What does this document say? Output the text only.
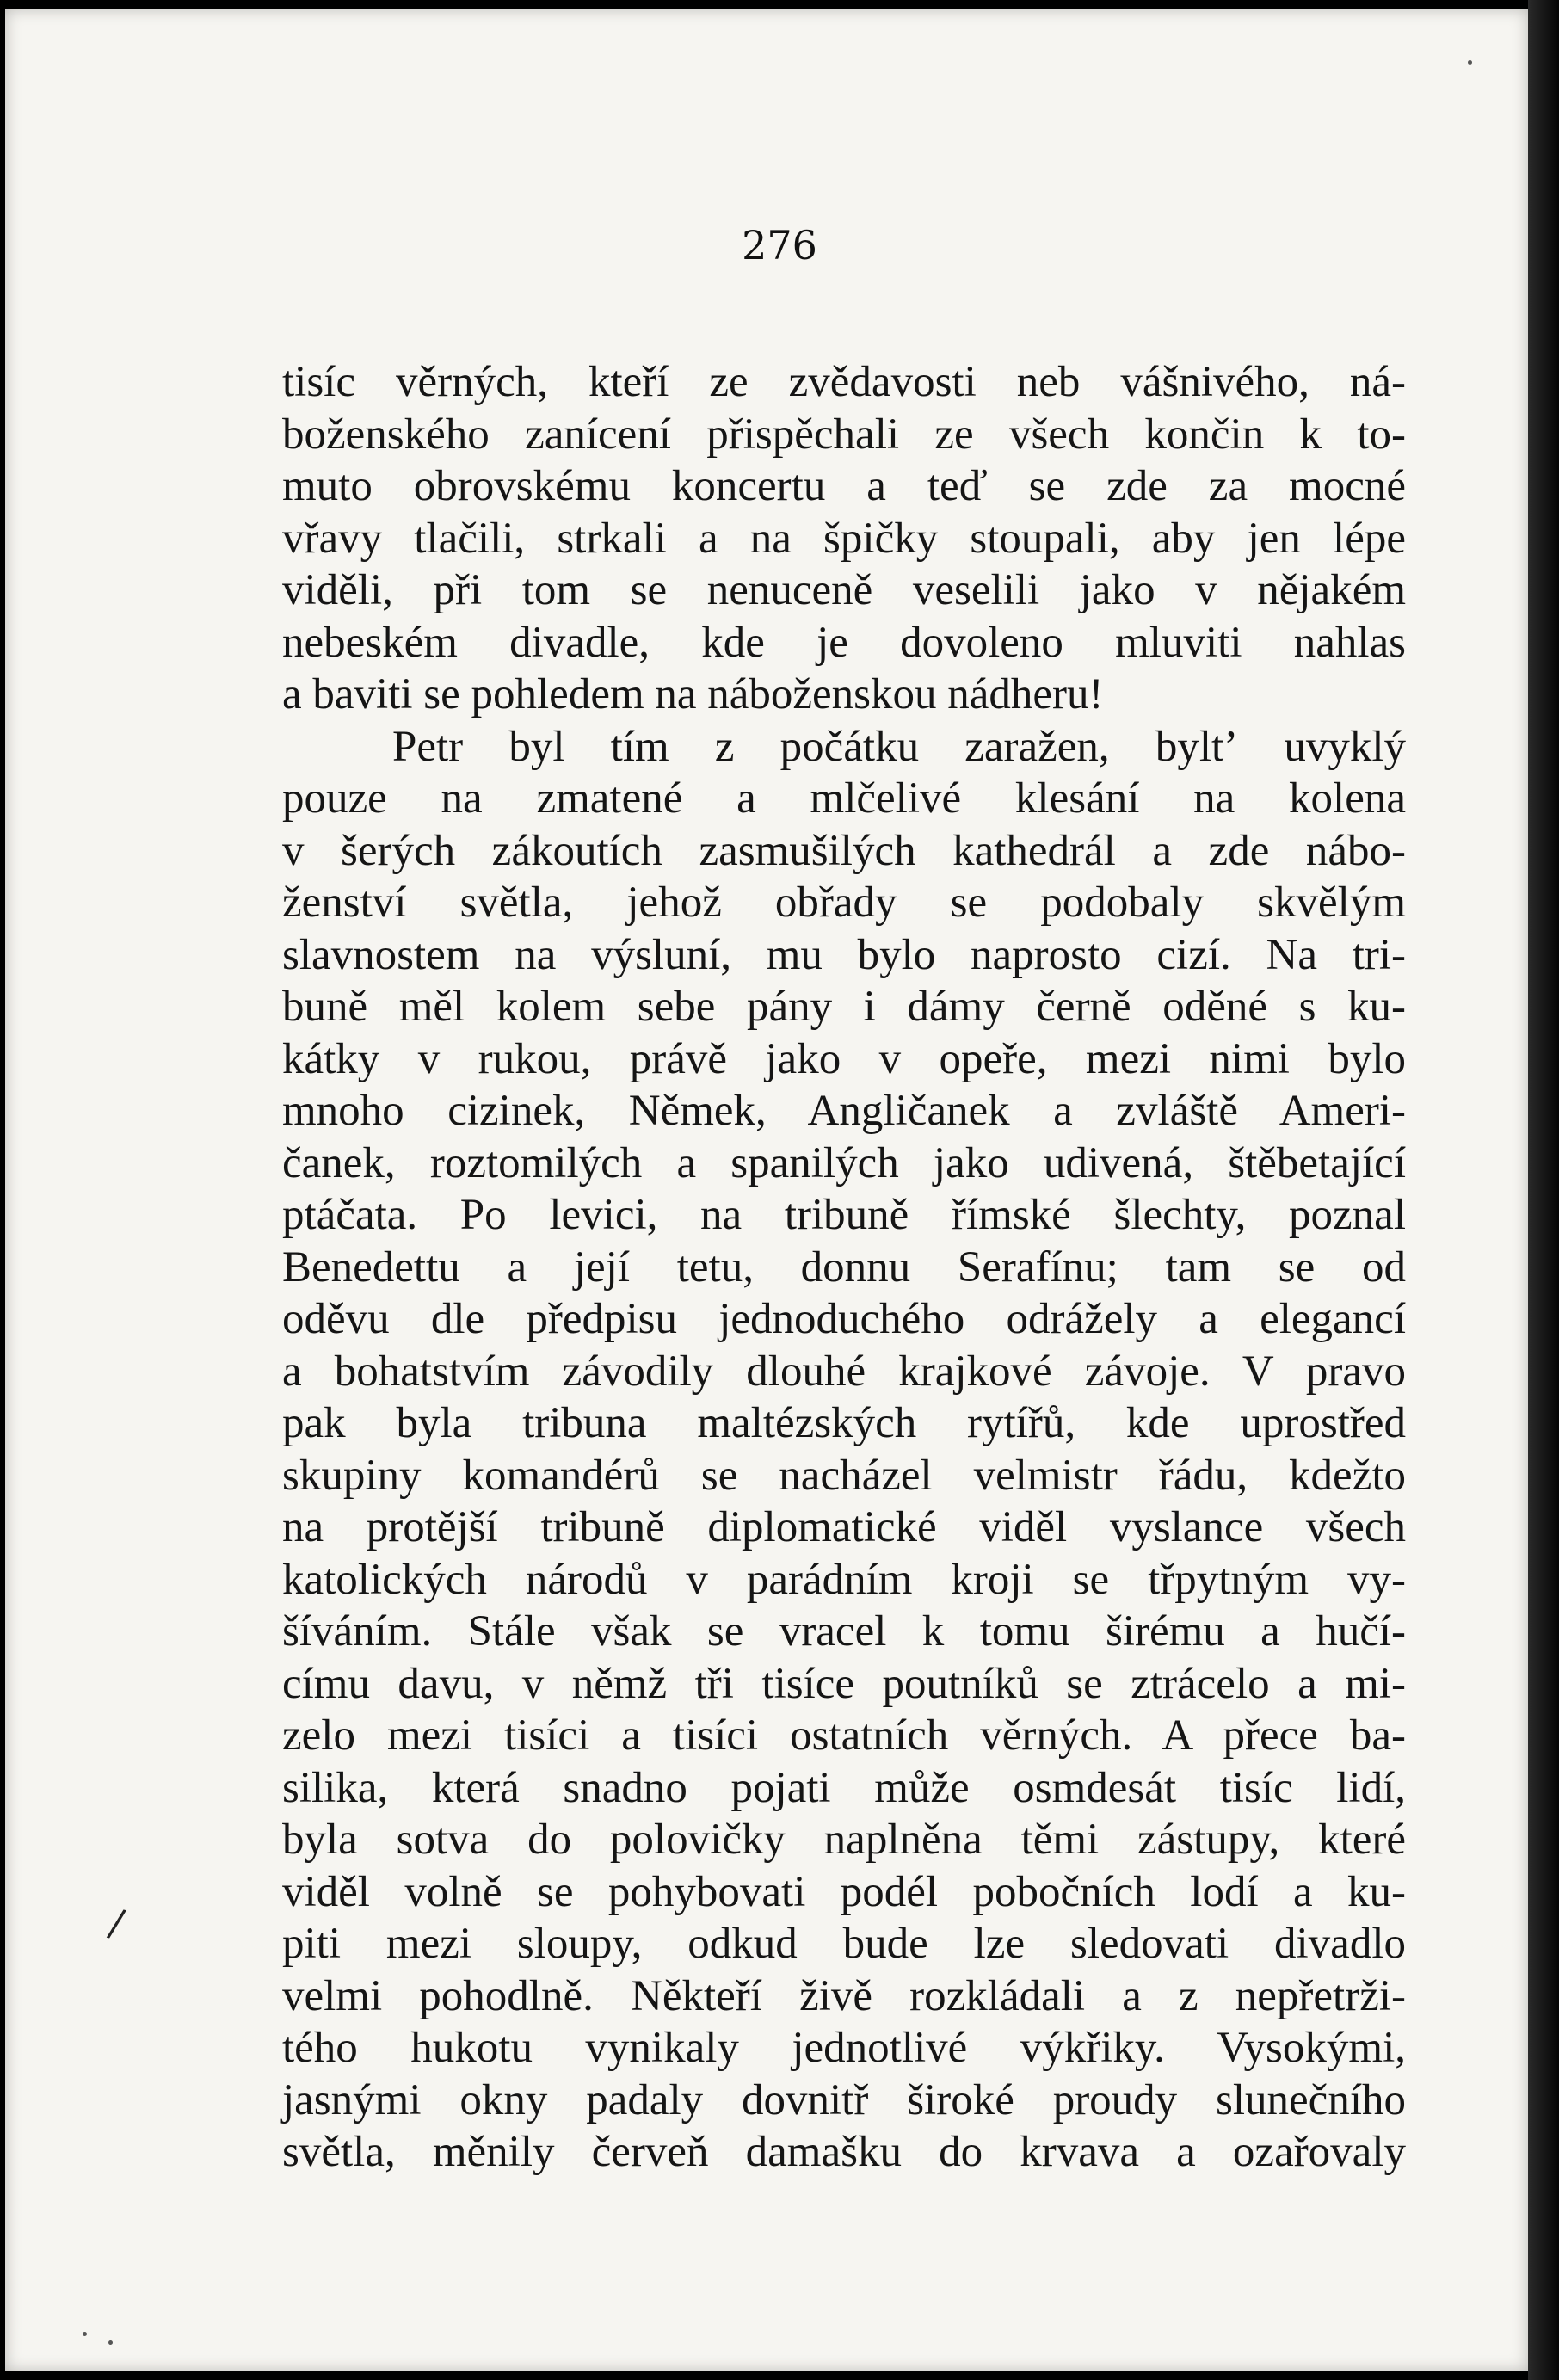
276
/
tisíc věrných, kteří ze zvědavosti neb vášnivého, ná-
boženského zanícení přispěchali ze všech končin k to-
muto obrovskému koncertu a teď se zde za mocné
vřavy tlačili, strkali a na špičky stoupali, aby jen lépe
viděli, při tom se nenuceně veselili jako v nějakém
nebeském divadle, kde je dovoleno mluviti nahlas
a baviti se pohledem na náboženskou nádheru!
Petr byl tím z počátku zaražen, byltʼ uvyklý
pouze na zmatené a mlčelivé klesání na kolena
v šerých zákoutích zasmušilých kathedrál a zde nábo-
ženství světla, jehož obřady se podobaly skvělým
slavnostem na výsluní, mu bylo naprosto cizí. Na tri-
buně měl kolem sebe pány i dámy černě oděné s ku-
kátky v rukou, právě jako v opeře, mezi nimi bylo
mnoho cizinek, Němek, Angličanek a zvláště Ameri-
čanek, roztomilých a spanilých jako udivená, štěbetající
ptáčata. Po levici, na tribuně římské šlechty, poznal
Benedettu a její tetu, donnu Serafínu; tam se od
oděvu dle předpisu jednoduchého odrážely a elegancí
a bohatstvím závodily dlouhé krajkové závoje. V pravo
pak byla tribuna maltézských rytířů, kde uprostřed
skupiny komandérů se nacházel velmistr řádu, kdežto
na protější tribuně diplomatické viděl vyslance všech
katolických národů v parádním kroji se třpytným vy-
šíváním. Stále však se vracel k tomu širému a hučí-
címu davu, v němž tři tisíce poutníků se ztrácelo a mi-
zelo mezi tisíci a tisíci ostatních věrných. A přece ba-
silika, která snadno pojati může osmdesát tisíc lidí,
byla sotva do polovičky naplněna těmi zástupy, které
viděl volně se pohybovati podél pobočních lodí a ku-
piti mezi sloupy, odkud bude lze sledovati divadlo
velmi pohodlně. Někteří živě rozkládali a z nepřetrži-
tého hukotu vynikaly jednotlivé výkřiky. Vysokými,
jasnými okny padaly dovnitř široké proudy slunečního
světla, měnily červeň damašku do krvava a ozařovaly
